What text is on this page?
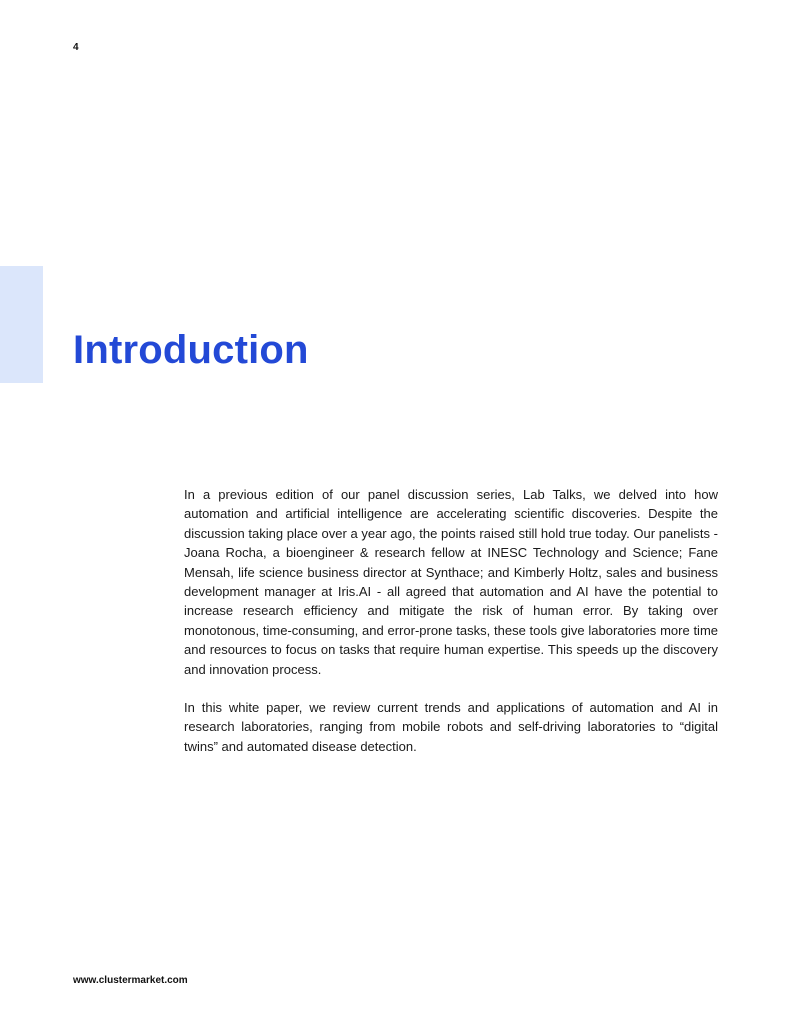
4
Introduction

In a previous edition of our panel discussion series, Lab Talks, we delved into how automation and artificial intelligence are accelerating scientific discoveries. Despite the discussion taking place over a year ago, the points raised still hold true today. Our panelists - Joana Rocha, a bioengineer & research fellow at INESC Technology and Science; Fane Mensah, life science business director at Synthace; and Kimberly Holtz, sales and business development manager at Iris.AI - all agreed that automation and AI have the potential to increase research efficiency and mitigate the risk of human error. By taking over monotonous, time-consuming, and error-prone tasks, these tools give laboratories more time and resources to focus on tasks that require human expertise. This speeds up the discovery and innovation process.

In this white paper, we review current trends and applications of automation and AI in research laboratories, ranging from mobile robots and self-driving laboratories to “digital twins” and automated disease detection.

www.clustermarket.com
